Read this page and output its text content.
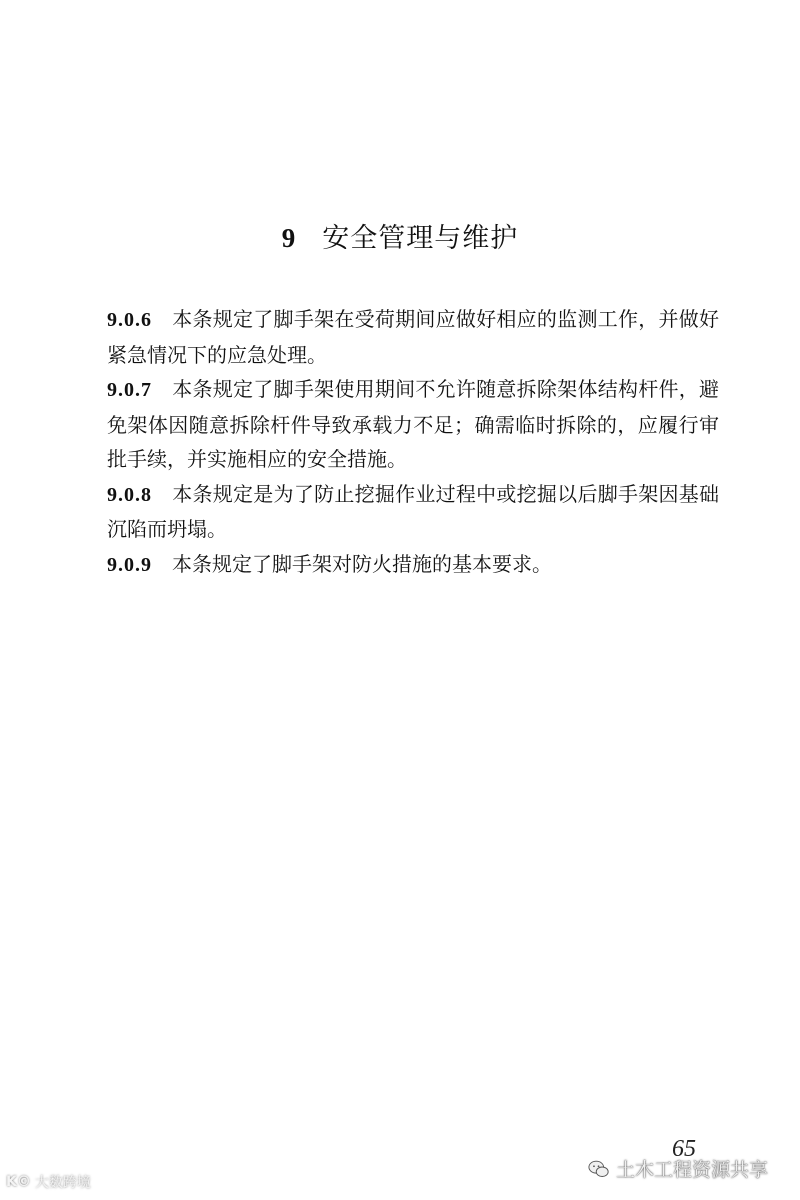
9 安全管理与维护

9.0.6 本条规定了脚手架在受荷期间应做好相应的监测工作，并做好紧急情况下的应急处理。

9.0.7 本条规定了脚手架使用期间不允许随意拆除架体结构杆件，避免架体因随意拆除杆件导致承载力不足；确需临时拆除的，应履行审批手续，并实施相应的安全措施。

9.0.8 本条规定是为了防止挖掘作业过程中或挖掘以后脚手架因基础沉陷而坍塌。

9.0.9 本条规定了脚手架对防火措施的基本要求。

65
土木工程资源共享
K© 大数跨境
